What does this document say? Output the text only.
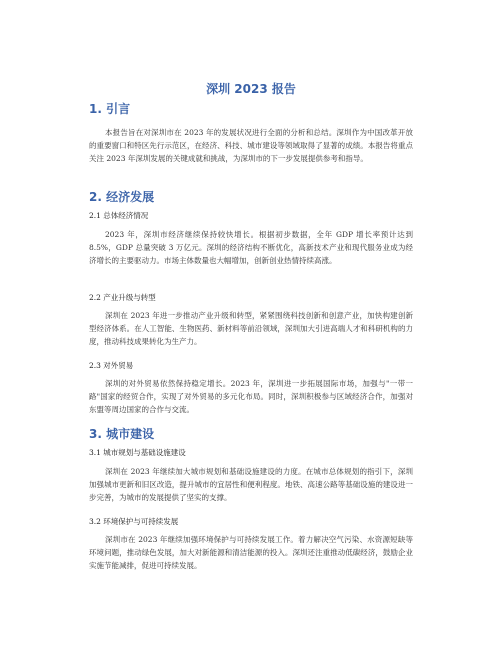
深圳 2023 报告
1. 引言
本报告旨在对深圳市在 2023 年的发展状况进行全面的分析和总结。深圳作为中国改革开放的重要窗口和特区先行示范区，在经济、科技、城市建设等领域取得了显著的成绩。本报告将重点关注 2023 年深圳发展的关键成就和挑战，为深圳市的下一步发展提供参考和指导。
2. 经济发展
2.1 总体经济情况
2023 年，深圳市经济继续保持较快增长。根据初步数据，全年 GDP 增长率预计达到 8.5%，GDP 总量突破 3 万亿元。深圳的经济结构不断优化，高新技术产业和现代服务业成为经济增长的主要驱动力。市场主体数量也大幅增加，创新创业热情持续高涨。
2.2 产业升级与转型
深圳在 2023 年进一步推动产业升级和转型，紧紧围绕科技创新和创意产业，加快构建创新型经济体系。在人工智能、生物医药、新材料等前沿领域，深圳加大引进高端人才和科研机构的力度，推动科技成果转化为生产力。
2.3 对外贸易
深圳的对外贸易依然保持稳定增长。2023 年，深圳进一步拓展国际市场，加强与"一带一路"国家的经贸合作，实现了对外贸易的多元化布局。同时，深圳积极参与区域经济合作，加强对东盟等周边国家的合作与交流。
3. 城市建设
3.1 城市规划与基础设施建设
深圳在 2023 年继续加大城市规划和基础设施建设的力度。在城市总体规划的指引下，深圳加强城市更新和旧区改造，提升城市的宜居性和便利程度。地铁、高速公路等基础设施的建设进一步完善，为城市的发展提供了坚实的支撑。
3.2 环境保护与可持续发展
深圳市在 2023 年继续加强环境保护与可持续发展工作。着力解决空气污染、水资源短缺等环境问题，推动绿色发展，加大对新能源和清洁能源的投入。深圳还注重推动低碳经济，鼓励企业实施节能减排，促进可持续发展。
